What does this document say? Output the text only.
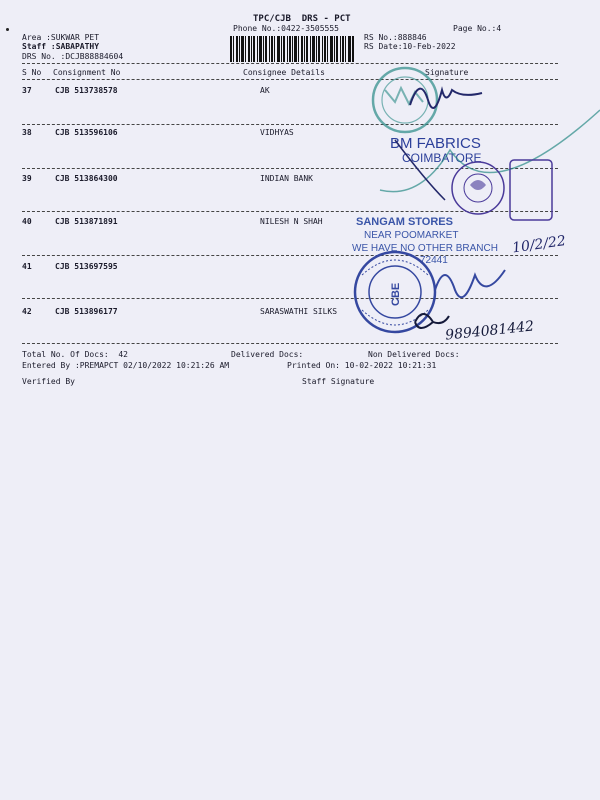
TPC/CJB  DRS - PCT
Phone No.:0422-3505555	Page No.:4
Area :SUKWAR PET
Staff :SABAPATHY
DRS No. :DCJB88884604
RS No.:888846
RS Date:10-Feb-2022
S No Consignment No	Consignee Details	Signature
37	CJB 513738578	AK
38	CJB 513596106	VIDHYAS
39	CJB 513864300	INDIAN BANK
40	CJB 513871891	NILESH N SHAH
41	CJB 513697595
42	CJB 513896177	SARASWATHI SILKS
Total No. Of Docs:  42	Delivered Docs:	Non Delivered Docs:
Entered By :PREMAPCT 02/10/2022 10:21:26 AM	Printed On: 10-02-2022 10:21:31
Verified By	Staff Signature
BM FABRICS
COIMBATORE
SANGAM STORES
NEAR POOMARKET
WE HAVE NO OTHER BRANCH
72441
10/2/22
CBE
9894081442
